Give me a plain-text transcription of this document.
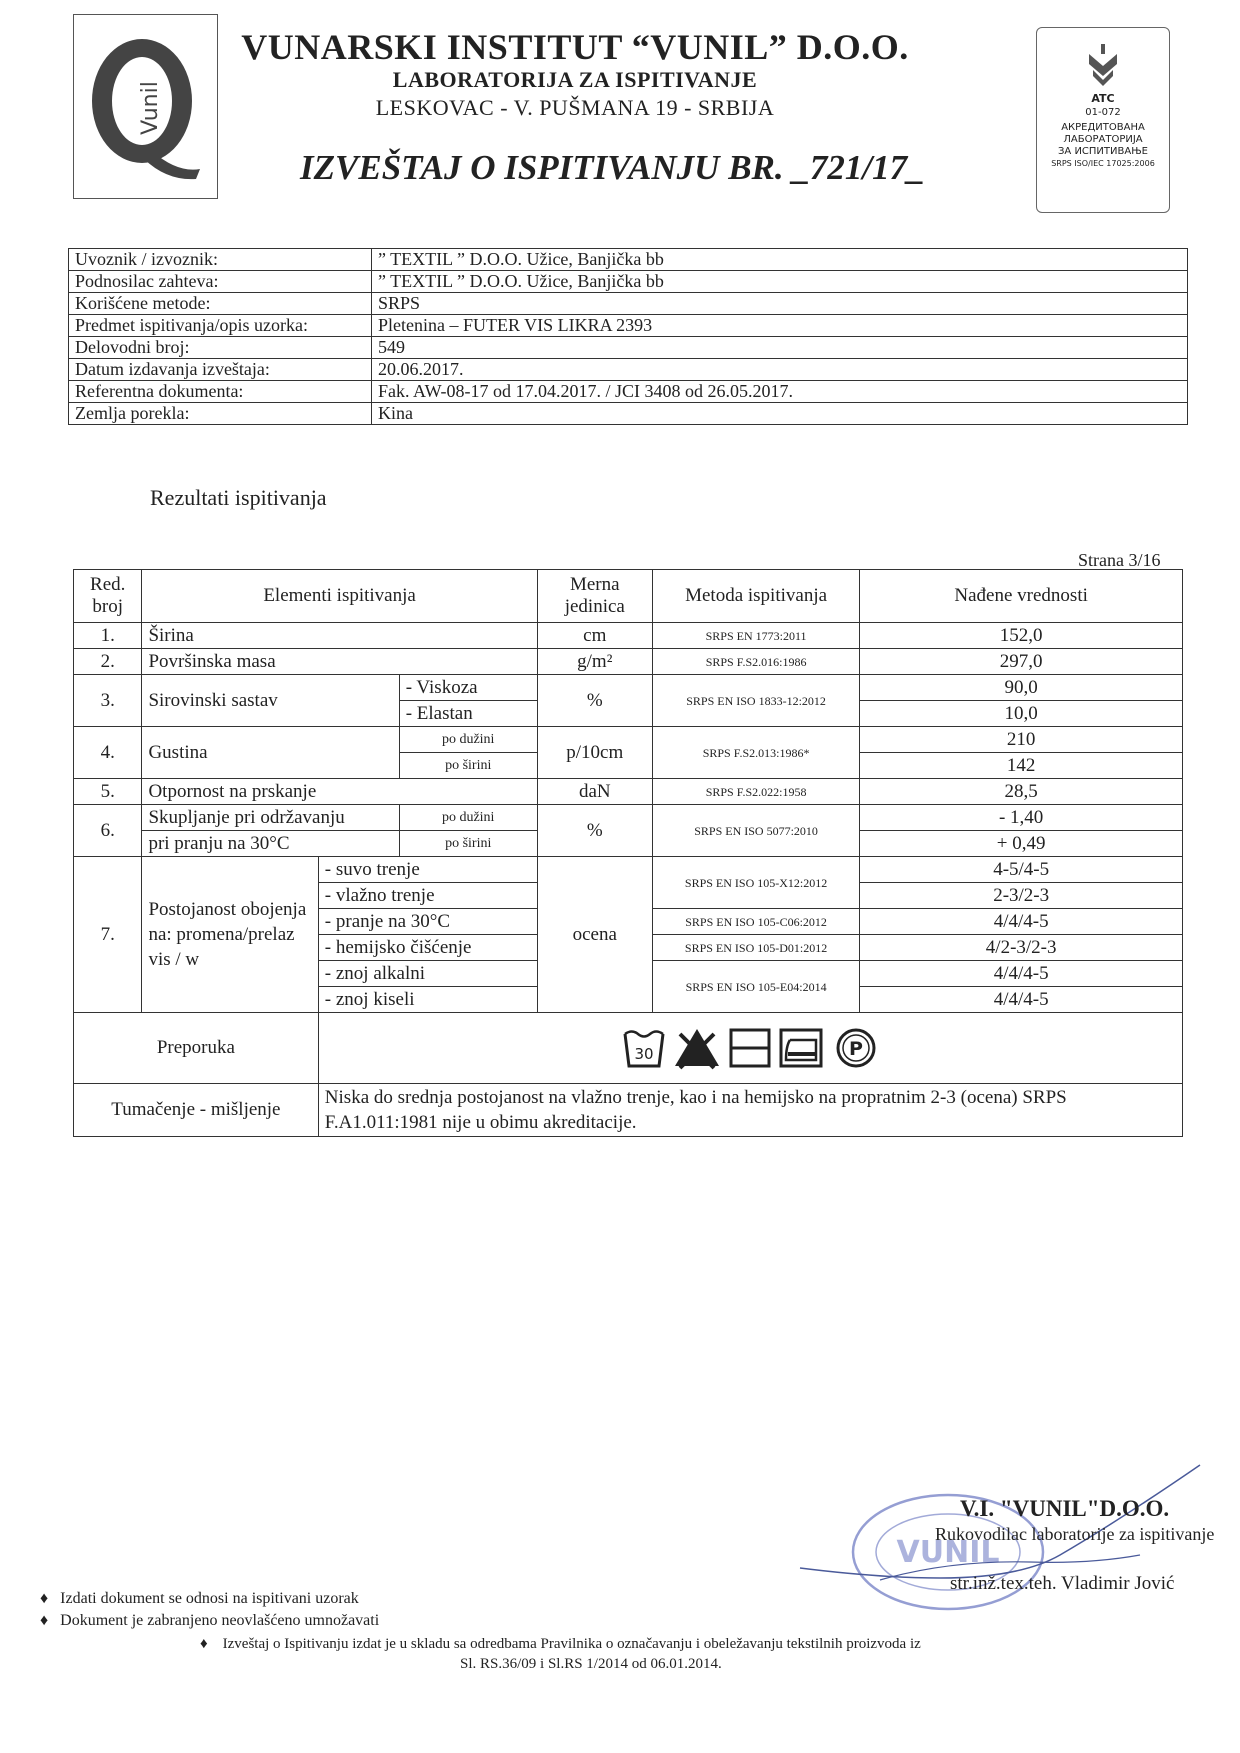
Vunil
VUNARSKI INSTITUT “VUNIL” D.O.O.
LABORATORIJA ZA ISPITIVANJE
LESKOVAC - V. PUŠMANA 19 - SRBIJA
IZVEŠTAJ O ISPITIVANJU BR. _721/17_
ATC
01-072
АКРЕДИТОВАНА
ЛАБОРАТОРИЈА
ЗА ИСПИТИВАЊЕ
SRPS ISO/IEC 17025:2006
Uvoznik / izvoznik:	” TEXTIL ” D.O.O. Užice, Banjička bb
Podnosilac zahteva:	” TEXTIL ” D.O.O. Užice, Banjička bb
Korišćene metode:	SRPS
Predmet ispitivanja/opis uzorka:	Pletenina – FUTER VIS LIKRA 2393
Delovodni broj:	549
Datum izdavanja izveštaja:	20.06.2017.
Referentna dokumenta:	Fak. AW-08-17 od 17.04.2017. / JCI 3408 od 26.05.2017.
Zemlja porekla:	Kina
Rezultati ispitivanja
Strana 3/16
Red. broj	Elementi ispitivanja			Merna jedinica	Metoda ispitivanja	Nađene vrednosti
1.	Širina			cm	SRPS EN 1773:2011	152,0
2.	Površinska masa			g/m²	SRPS F.S2.016:1986	297,0
3.	Sirovinski sastav		- Viskoza	%	SRPS EN ISO 1833-12:2012	90,0
			- Elastan			10,0
4.	Gustina		po dužini	p/10cm	SRPS F.S2.013:1986*	210
			po širini			142
5.	Otpornost na prskanje			daN	SRPS F.S2.022:1958	28,5
6.	Skupljanje pri održavanju		po dužini	%	SRPS EN ISO 5077:2010	- 1,40
	pri pranju na 30°C		po širini			+ 0,49
7.	Postojanost obojenja na: promena/prelaz vis / w	- suvo trenje		ocena	SRPS EN ISO 105-X12:2012	4-5/4-5
		- vlažno trenje				2-3/2-3
		- pranje na 30°C			SRPS EN ISO 105-C06:2012	4/4/4-5
		- hemijsko čišćenje			SRPS EN ISO 105-D01:2012	4/2-3/2-3
		- znoj alkalni			SRPS EN ISO 105-E04:2014	4/4/4-5
		- znoj kiseli				4/4/4-5
Preporuka		30 P				

Tumačenje - mišljenje		Niska do srednja postojanost na vlažno trenje, kao i na hemijsko na propratnim 2-3 (ocena) SRPS F.A1.011:1981 nije u obimu akreditacije.				
VUNIL
V.I. "VUNIL"D.O.O.
Rukovodilac laboratorije za ispitivanje
str.inž.tex.teh. Vladimir Jović
♦   Izdati dokument se odnosi na ispitivani uzorak
♦   Dokument je zabranjeno neovlašćeno umnožavati
♦    Izveštaj o Ispitivanju izdat je u skladu sa odredbama Pravilnika o označavanju i obeležavanju tekstilnih proizvoda iz
Sl. RS.36/09 i Sl.RS 1/2014 od 06.01.2014.
